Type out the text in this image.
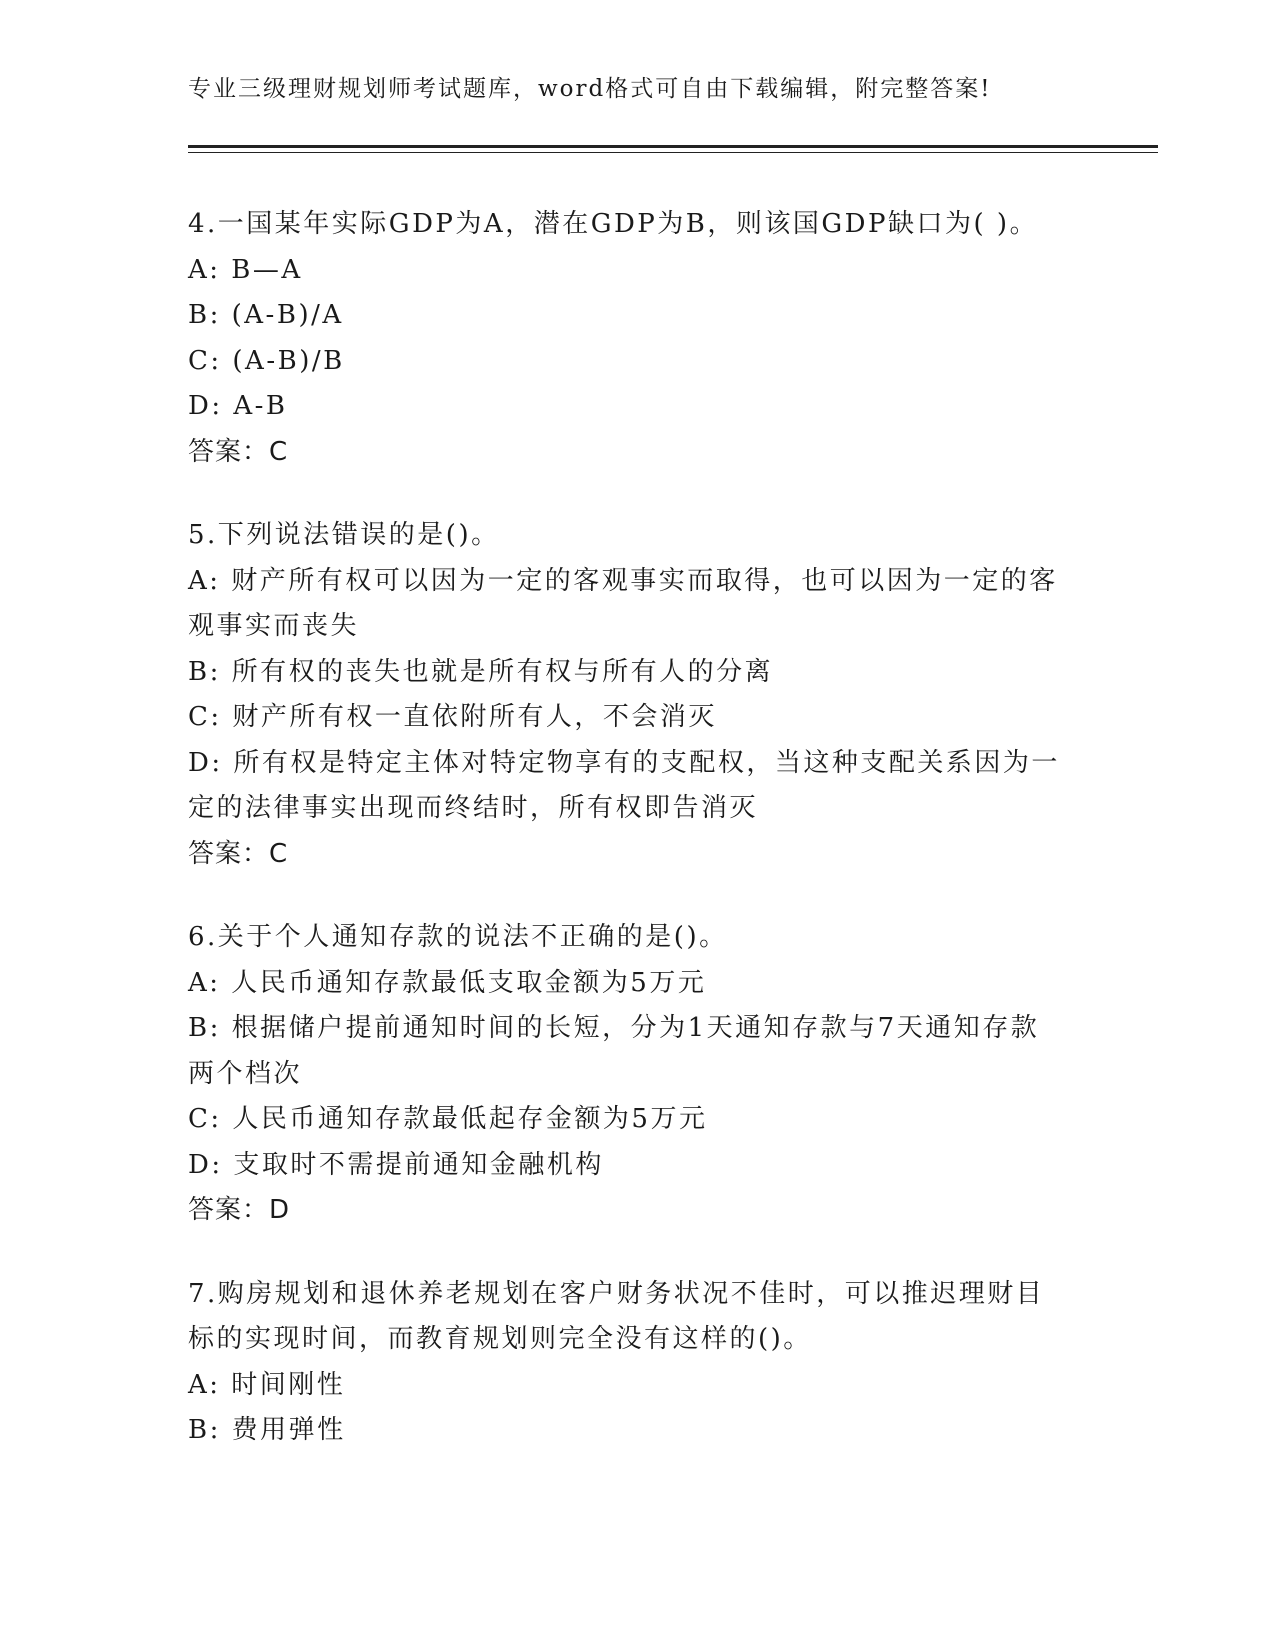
专业三级理财规划师考试题库，word格式可自由下载编辑，附完整答案!
4.一国某年实际GDP为A，潜在GDP为B，则该国GDP缺口为( )。
A: B—A
B: (A-B)/A
C: (A-B)/B
D: A-B
答案：C
5.下列说法错误的是()。
A: 财产所有权可以因为一定的客观事实而取得，也可以因为一定的客
观事实而丧失
B: 所有权的丧失也就是所有权与所有人的分离
C: 财产所有权一直依附所有人，不会消灭
D: 所有权是特定主体对特定物享有的支配权，当这种支配关系因为一
定的法律事实出现而终结时，所有权即告消灭
答案：C
6.关于个人通知存款的说法不正确的是()。
A: 人民币通知存款最低支取金额为5万元
B: 根据储户提前通知时间的长短，分为1天通知存款与7天通知存款
两个档次
C: 人民币通知存款最低起存金额为5万元
D: 支取时不需提前通知金融机构
答案：D
7.购房规划和退休养老规划在客户财务状况不佳时，可以推迟理财目
标的实现时间，而教育规划则完全没有这样的()。
A: 时间刚性
B: 费用弹性
